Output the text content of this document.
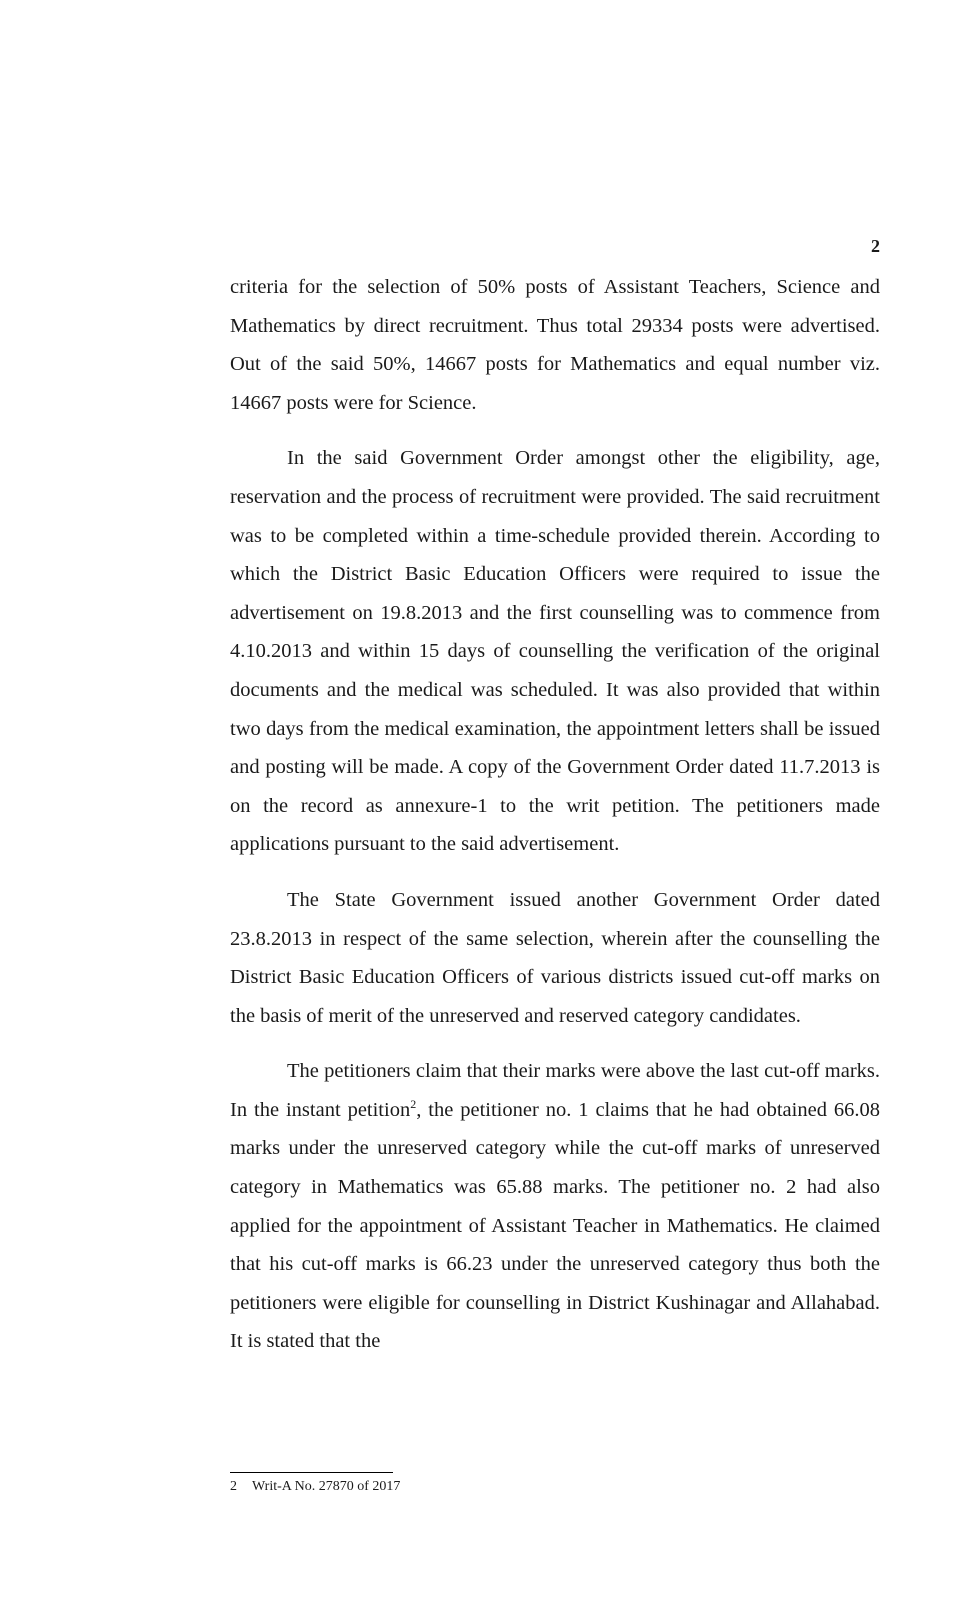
2

criteria for the selection of 50% posts of Assistant Teachers, Science and Mathematics by direct recruitment. Thus total 29334 posts were advertised. Out of the said 50%, 14667 posts for Mathematics and equal number viz. 14667 posts were for Science.

In the said Government Order amongst other the eligibility, age, reservation and the process of recruitment were provided. The said recruitment was to be completed within a time-schedule provided therein. According to which the District Basic Education Officers were required to issue the advertisement on 19.8.2013 and the first counselling was to commence from 4.10.2013 and within 15 days of counselling the verification of the original documents and the medical was scheduled. It was also provided that within two days from the medical examination, the appointment letters shall be issued and posting will be made. A copy of the Government Order dated 11.7.2013 is on the record as annexure-1 to the writ petition. The petitioners made applications pursuant to the said advertisement.

The State Government issued another Government Order dated 23.8.2013 in respect of the same selection, wherein after the counselling the District Basic Education Officers of various districts issued cut-off marks on the basis of merit of the unreserved and reserved category candidates.

The petitioners claim that their marks were above the last cut-off marks. In the instant petition$^2$, the petitioner no. 1 claims that he had obtained 66.08 marks under the unreserved category while the cut-off marks of unreserved category in Mathematics was 65.88 marks. The petitioner no. 2 had also applied for the appointment of Assistant Teacher in Mathematics. He claimed that his cut-off marks is 66.23 under the unreserved category thus both the petitioners were eligible for counselling in District Kushinagar and Allahabad. It is stated that the

2 Writ-A No. 27870 of 2017
